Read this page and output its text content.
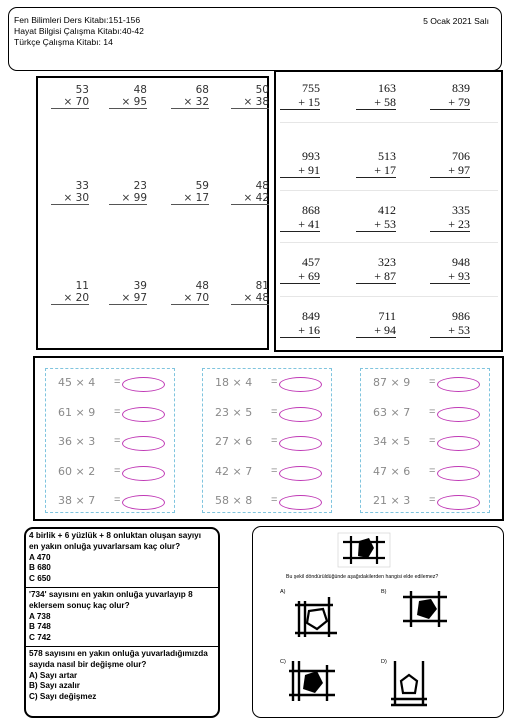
Fen Bilimleri Ders Kitabı:151-156
Hayat Bilgisi Çalışma Kitabı:40-42
Türkçe Çalışma Kitabı: 14
5 Ocak 2021 Salı
53
× 70
48
× 95
68
× 32
50
× 38
33
× 30
23
× 99
59
× 17
48
× 42
11
× 20
39
× 97
48
× 70
81
× 48
755
+ 15
163
+ 58
839
+ 79
993
+ 91
513
+ 17
706
+ 97
868
+ 41
412
+ 53
335
+ 23
457
+ 69
323
+ 87
948
+ 93
849
+ 16
711
+ 94
986
+ 53
45 × 4 =
61 × 9 =
36 × 3 =
60 × 2 =
38 × 7 =
18 × 4 =
23 × 5 =
27 × 6 =
42 × 7 =
58 × 8 =
87 × 9 =
63 × 7 =
34 × 5 =
47 × 6 =
21 × 3 =
4 birlik + 6 yüzlük + 8 onluktan oluşan sayıyı
en yakın onluğa yuvarlarsam kaç olur?
A 470
B 680
C 650
'734' sayısını en yakın onluğa yuvarlayıp 8
eklersem sonuç kaç olur?
A 738
B 748
C 742
578 sayısını en yakın onluğa yuvarladığımızda
sayıda nasıl bir değişme olur?
A) Sayı artar
B) Sayı azalır
C) Sayı değişmez
Bu şekil döndürüldüğünde aşağıdakilerden hangisi elde edilemez?
A)	B)
C)	D)
